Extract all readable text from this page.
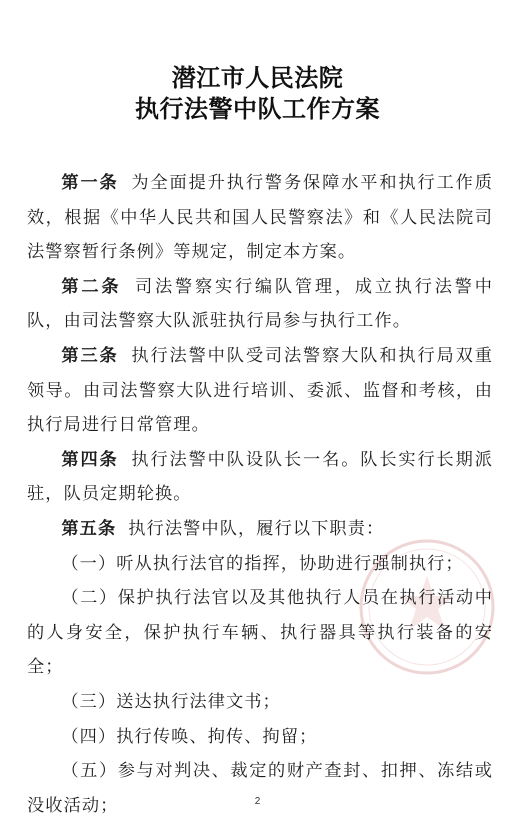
潜江市人民法院
执行法警中队工作方案

第一条 为全面提升执行警务保障水平和执行工作质效，根据《中华人民共和国人民警察法》和《人民法院司法警察暂行条例》等规定，制定本方案。

第二条 司法警察实行编队管理，成立执行法警中队，由司法警察大队派驻执行局参与执行工作。

第三条 执行法警中队受司法警察大队和执行局双重领导。由司法警察大队进行培训、委派、监督和考核，由执行局进行日常管理。

第四条 执行法警中队设队长一名。队长实行长期派驻，队员定期轮换。

第五条 执行法警中队，履行以下职责：

（一）听从执行法官的指挥，协助进行强制执行；

（二）保护执行法官以及其他执行人员在执行活动中的人身安全，保护执行车辆、执行器具等执行装备的安全；

（三）送达执行法律文书；

（四）执行传唤、拘传、拘留；

（五）参与对判决、裁定的财产查封、扣押、冻结或没收活动；	2
